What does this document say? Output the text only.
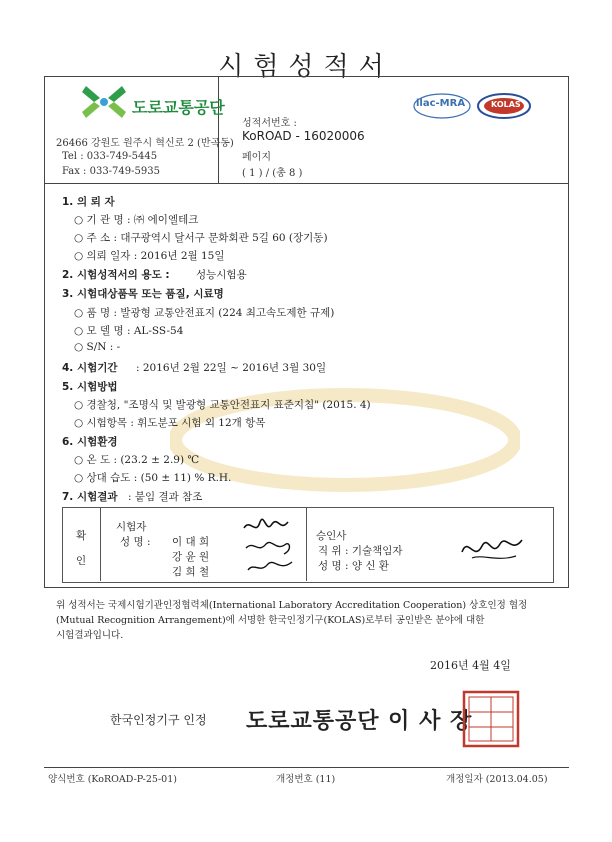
시험성적서
도로교통공단
26466 강원도 원주시 혁신로 2 (반곡동)
Tel : 033-749-5445
Fax : 033-749-5935
성적서번호 :
KoROAD - 16020006
페이지
( 1 ) / (총 8 )
ilac-MRA	KOLAS
1. 의 뢰 자
○ 기 관 명 : ㈜ 에이엘테크
○ 주 소 : 대구광역시 달서구 문화회관 5길 60 (장기동)
○ 의뢰 일자 : 2016년 2월 15일
2. 시험성적서의 용도 :	성능시험용
3. 시험대상품목 또는 품질, 시료명
○ 품 명 : 발광형 교통안전표지 (224 최고속도제한 규제)
○ 모 델 명 : AL-SS-54
○ S/N : -
4. 시험기간 : 2016년 2월 22일 ~ 2016년 3월 30일
5. 시험방법
○ 경찰청, "조명식 및 발광형 교통안전표지 표준지침" (2015. 4)
○ 시험항목 : 휘도분포 시험 외 12개 항목
6. 시험환경
○ 온 도 : (23.2 ± 2.9) ℃
○ 상대 습도 : (50 ± 11) % R.H.
7. 시험결과 : 붙임 결과 참조
확
인
시험자
성 명 : 이 대 희
강 윤 원
김 희 철
승인사
직 위 : 기술책임자
성 명 : 양 신 환
위 성적서는 국제시험기관인정협력체(International Laboratory Accreditation Cooperation) 상호인정 협정
(Mutual Recognition Arrangement)에 서명한 한국인정기구(KOLAS)로부터 공인받은 분야에 대한
시험결과입니다.
2016년 4월 4일
한국인정기구 인정 도로교통공단 이 사 장
양식번호 (KoROAD-P-25-01)	개정번호 (11)	개정일자 (2013.04.05)
